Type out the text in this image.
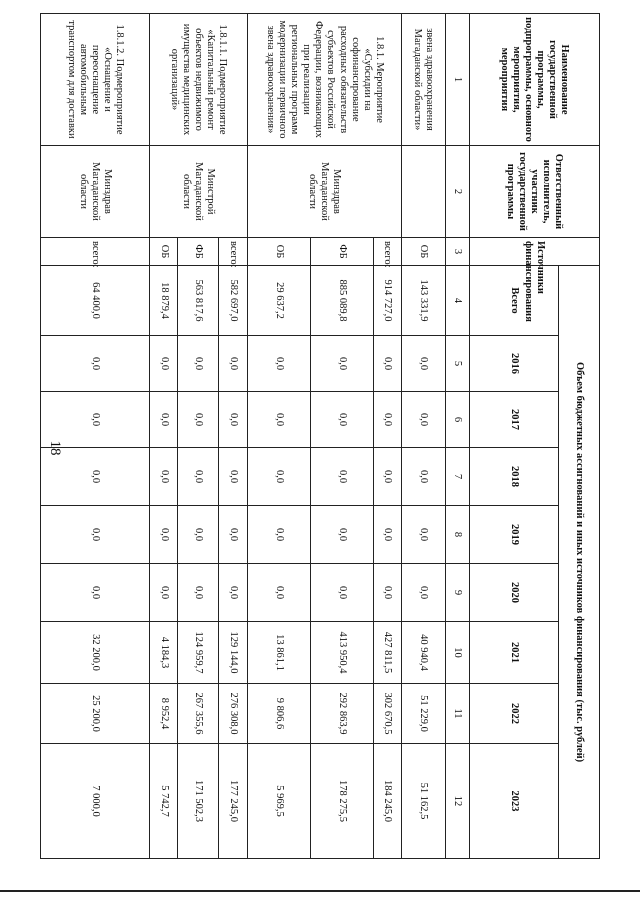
18
Наименование государственной программы, подпрограммы, основного мероприятия, мероприятия	Ответственный исполнитель, участник государственной программы	Источники финансирования	Объем бюджетных ассигнований и иных источников финансирования (тыс. рублей)								
			Всего	2016	2017	2018	2019	2020	2021	2022	2023
1	2	3	4	5	6	7	8	9	10	11	12
звена здравоохранения Магаданской области»		ОБ	143 331,9	0,0	0,0	0,0	0,0	0,0	40 940,4	51 229,0	51 162,5
1.8.1. Мероприятие «Субсидии на софинансирование расходных обязательств субъектов Российской Федерации, возникающих при реализации региональных программ модернизации первичного звена здравоохранения»	Минздрав Магаданской области	всего:	914 727,0	0,0	0,0	0,0	0,0	0,0	427 811,5	302 670,5	184 245,0
		ФБ	885 089,8	0,0	0,0	0,0	0,0	0,0	413 950,4	292 863,9	178 275,5
		ОБ	29 637,2	0,0	0,0	0,0	0,0	0,0	13 861,1	9 806,6	5 969,5
1.8.1.1. Подмероприятие «Капитальный ремонт объектов недвижимого имущества медицинских организаций»	Минстрой Магаданской области	всего:	582 697,0	0,0	0,0	0,0	0,0	0,0	129 144,0	276 308,0	177 245,0
		ФБ	563 817,6	0,0	0,0	0,0	0,0	0,0	124 959,7	267 355,6	171 502,3
		ОБ	18 879,4	0,0	0,0	0,0	0,0	0,0	4 184,3	8 952,4	5 742,7
1.8.1.2. Подмероприятие «Оснащение и переоснащение автомобильным транспортом для доставки	Минздрав Магаданской области	всего:	64 400,0	0,0	0,0	0,0	0,0	0,0	32 200,0	25 200,0	7 000,0
